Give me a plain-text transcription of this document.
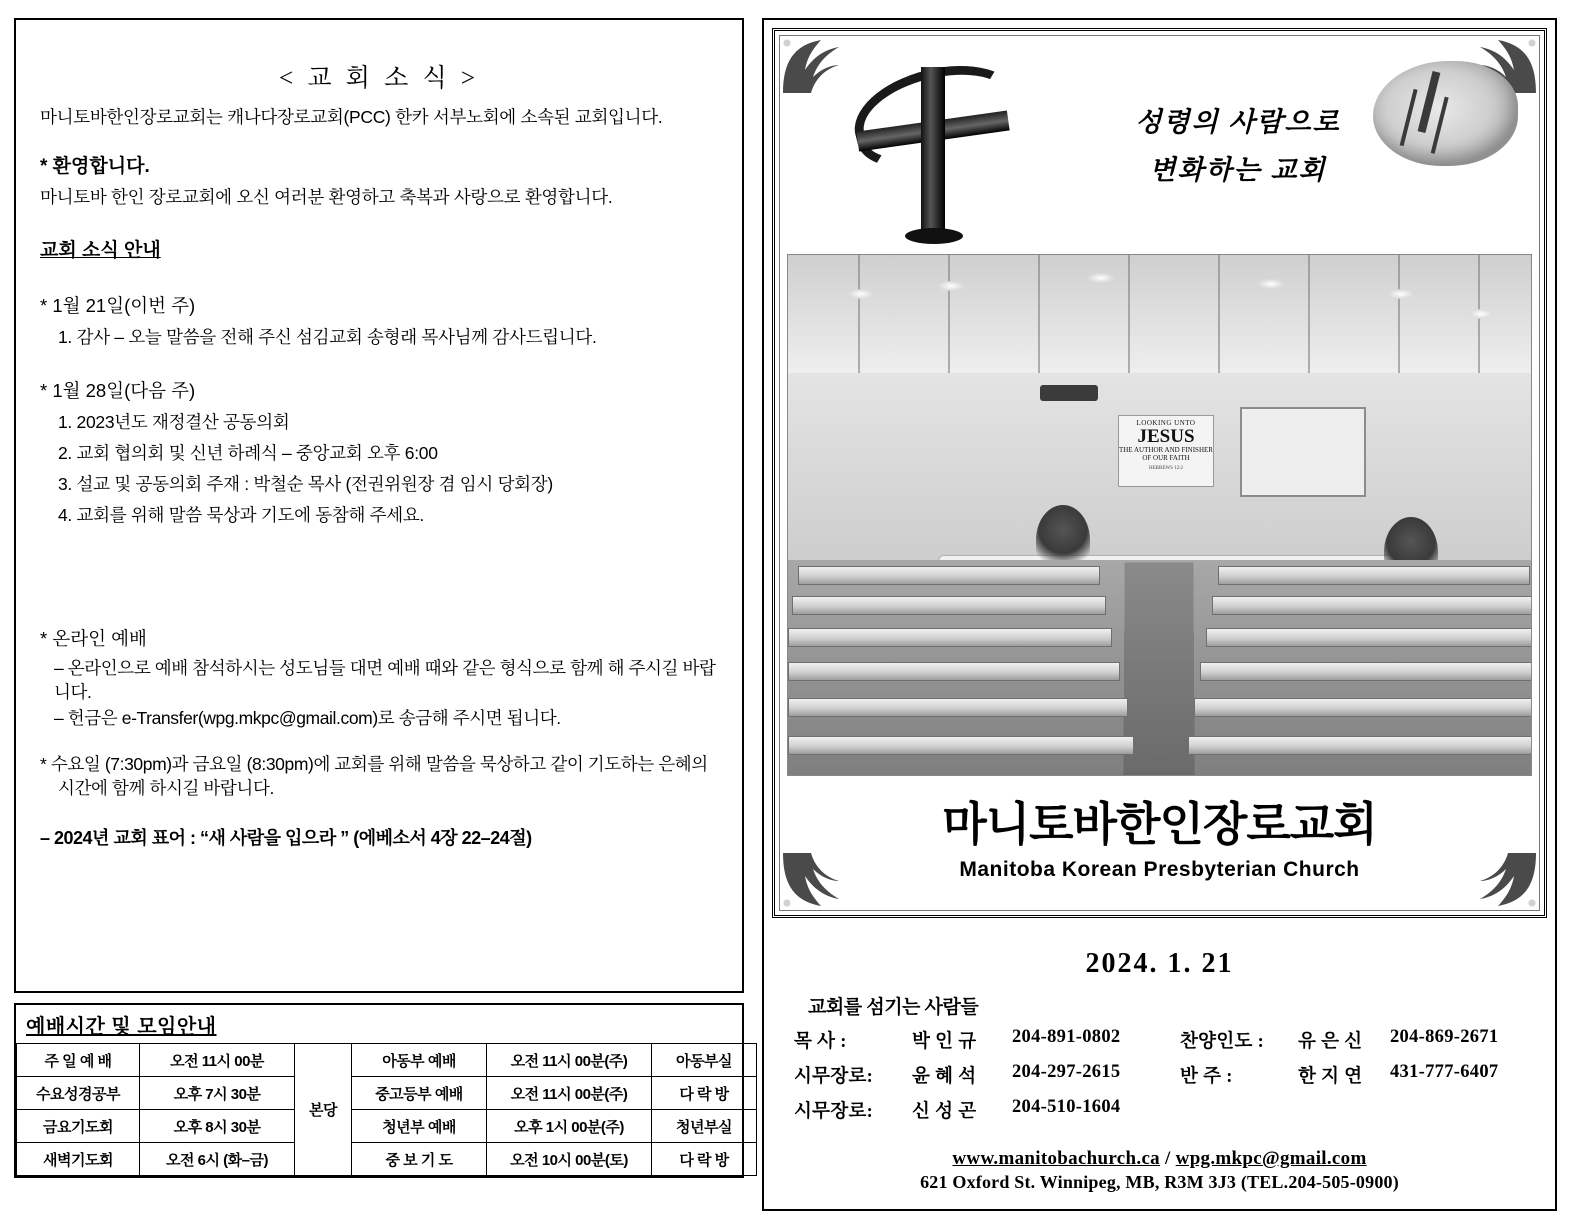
< 교 회 소 식 >
마니토바한인장로교회는 캐나다장로교회(PCC) 한카 서부노회에 소속된 교회입니다.
* 환영합니다.
마니토바 한인 장로교회에 오신 여러분 환영하고 축복과 사랑으로 환영합니다.
교회 소식 안내
* 1월 21일(이번 주)
1. 감사 – 오늘 말씀을 전해 주신 섬김교회 송형래 목사님께 감사드립니다.
* 1월 28일(다음 주)
1. 2023년도 재정결산 공동의회
2. 교회 협의회 및 신년 하례식 – 중앙교회 오후 6:00
3. 설교 및 공동의회 주재 : 박철순 목사 (전권위원장 겸 임시 당회장)
4. 교회를 위해 말씀 묵상과 기도에 동참해 주세요.
* 온라인 예배
– 온라인으로 예배 참석하시는 성도님들 대면 예배 때와 같은 형식으로 함께 해 주시길 바랍니다.
– 헌금은 e-Transfer(wpg.mkpc@gmail.com)로 송금해 주시면 됩니다.
* 수요일 (7:30pm)과 금요일 (8:30pm)에 교회를 위해 말씀을 묵상하고 같이 기도하는 은혜의 시간에 함께 하시길 바랍니다.
– 2024년 교회 표어 : “새 사람을 입으라 ” (에베소서 4장 22–24절)
예배시간 및 모임안내
주 일 예 배	오전 11시 00분	본당	아동부 예배	오전 11시 00분(주)	아동부실
수요성경공부	오후 7시 30분		중고등부 예배	오전 11시 00분(주)	다 락 방
금요기도회	오후 8시 30분		청년부 예배	오후 1시 00분(주)	청년부실
새벽기도회	오전 6시 (화–금)		중 보 기 도	오전 10시 00분(토)	다 락 방
성령의 사람으로
변화하는 교회
LOOKING UNTO
JESUS
THE AUTHOR AND FINISHER OF OUR FAITH
HEBREWS 12:2
마니토바한인장로교회
Manitoba Korean Presbyterian Church
2024. 1. 21
교회를 섬기는 사람들
목 사 :	박 인 규	204-891-0802	찬양인도 :	유 은 신	204-869-2671
시무장로:	윤 혜 석	204-297-2615	반 주 :	한 지 연	431-777-6407
시무장로:	신 성 곤	204-510-1604
www.manitobachurch.ca / wpg.mkpc@gmail.com
621 Oxford St. Winnipeg, MB, R3M 3J3 (TEL.204-505-0900)
